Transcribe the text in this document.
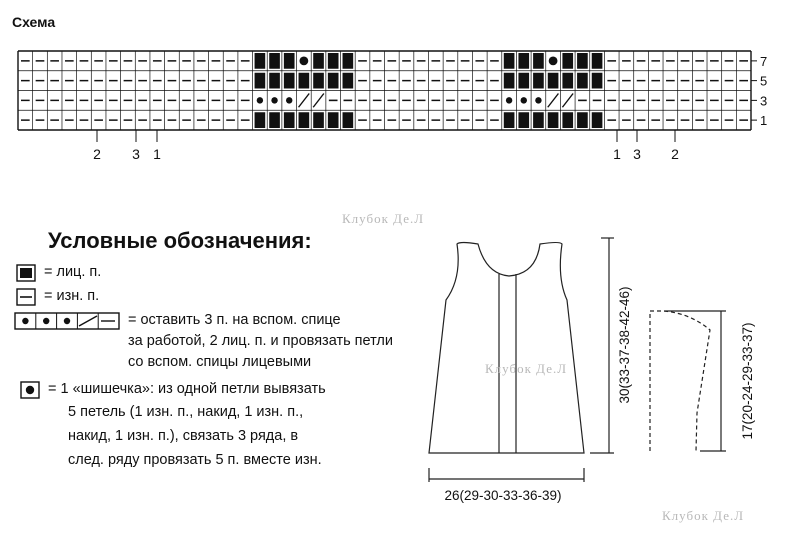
Схема
7
5
3
1
2 3 1	1 3 2
Условные обозначения:
= лиц. п.
= изн. п.
= оставить 3 п. на вспом. спице
за работой, 2 лиц. п. и провязать петли
со вспом. спицы лицевыми
= 1 «шишечка»: из одной петли вывязать
5 петель (1 изн. п., накид, 1 изн. п.,
накид, 1 изн. п.), связать 3 ряда, в
след. ряду провязать 5 п. вместе изн.
30(33-37-38-42-46)
26(29-30-33-36-39)
17(20-24-29-33-37)
Клубок Де.Л
Клубок Де.Л
Клубок Де.Л
